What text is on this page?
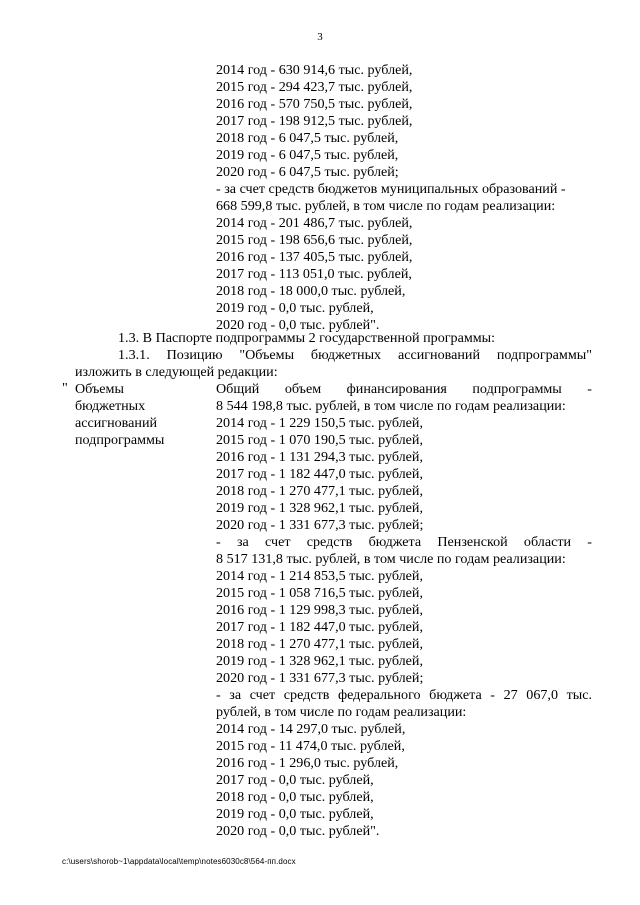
3
2014 год - 630 914,6 тыс. рублей,
2015 год - 294 423,7 тыс. рублей,
2016 год - 570 750,5 тыс. рублей,
2017 год - 198 912,5 тыс. рублей,
2018 год - 6 047,5 тыс. рублей,
2019 год - 6 047,5 тыс. рублей,
2020 год - 6 047,5 тыс. рублей;
- за счет средств бюджетов муниципальных образований -
668 599,8 тыс. рублей, в том числе по годам реализации:
2014 год - 201 486,7 тыс. рублей,
2015 год - 198 656,6 тыс. рублей,
2016 год - 137 405,5 тыс. рублей,
2017 год - 113 051,0 тыс. рублей,
2018 год - 18 000,0 тыс. рублей,
2019 год - 0,0 тыс. рублей,
2020 год - 0,0 тыс. рублей".
1.3. В Паспорте подпрограммы 2 государственной программы:
1.3.1. Позицию "Объемы бюджетных ассигнований подпрограммы"
изложить в следующей редакции:
" Объемы
бюджетных
ассигнований
подпрограммы
Общий объем финансирования подпрограммы -
8 544 198,8 тыс. рублей, в том числе по годам реализации:
2014 год - 1 229 150,5 тыс. рублей,
2015 год - 1 070 190,5 тыс. рублей,
2016 год - 1 131 294,3 тыс. рублей,
2017 год - 1 182 447,0 тыс. рублей,
2018 год - 1 270 477,1 тыс. рублей,
2019 год - 1 328 962,1 тыс. рублей,
2020 год - 1 331 677,3 тыс. рублей;
- за счет средств бюджета Пензенской области -
8 517 131,8 тыс. рублей, в том числе по годам реализации:
2014 год - 1 214 853,5 тыс. рублей,
2015 год - 1 058 716,5 тыс. рублей,
2016 год - 1 129 998,3 тыс. рублей,
2017 год - 1 182 447,0 тыс. рублей,
2018 год - 1 270 477,1 тыс. рублей,
2019 год - 1 328 962,1 тыс. рублей,
2020 год - 1 331 677,3 тыс. рублей;
- за счет средств федерального бюджета - 27 067,0 тыс.
рублей, в том числе по годам реализации:
2014 год - 14 297,0 тыс. рублей,
2015 год - 11 474,0 тыс. рублей,
2016 год - 1 296,0 тыс. рублей,
2017 год - 0,0 тыс. рублей,
2018 год - 0,0 тыс. рублей,
2019 год - 0,0 тыс. рублей,
2020 год - 0,0 тыс. рублей".
c:\users\shorob~1\appdata\local\temp\notes6030c8\564-пп.docx
